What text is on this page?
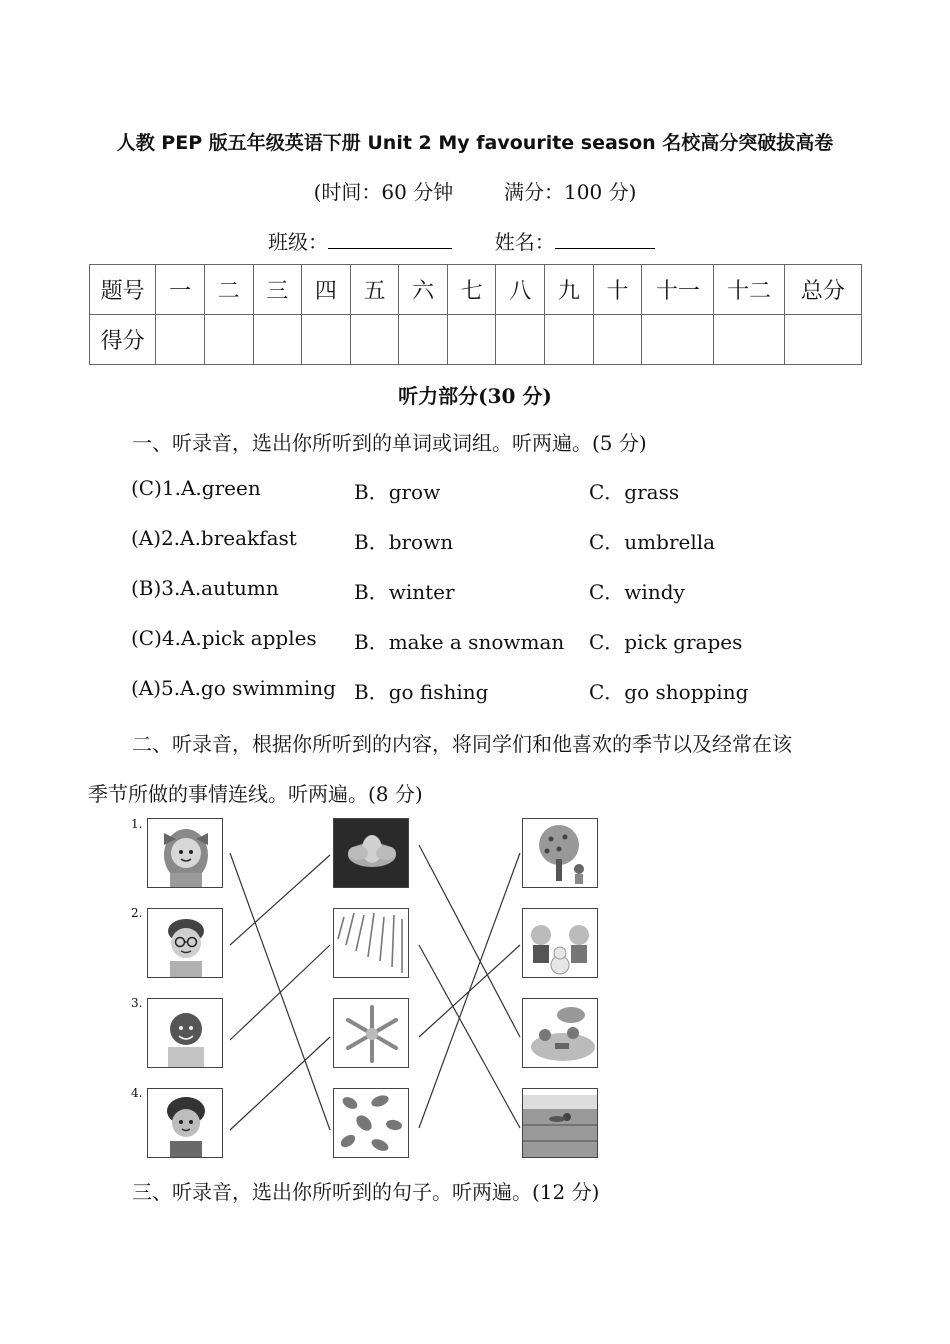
人教 PEP 版五年级英语下册 Unit 2 My favourite season 名校高分突破拔高卷
(时间：60 分钟        满分：100 分)
班级：	姓名：
题号	一	二	三	四	五	六	七	八	九	十	十一	十二	总分
得分													
听力部分(30 分)
一、听录音，选出你所听到的单词或词组。听两遍。(5 分)
(C)1.A.green	B．grow	C．grass
(A)2.A.breakfast	B．brown	C．umbrella
(B)3.A.autumn	B．winter	C．windy
(C)4.A.pick apples B．make a snowman C．pick grapes
(A)5.A.go swimming B．go fishing	C．go shopping
二、听录音，根据你所听到的内容，将同学们和他喜欢的季节以及经常在该
季节所做的事情连线。听两遍。(8 分)
1.
2.
3.
4.
三、听录音，选出你所听到的句子。听两遍。(12 分)
